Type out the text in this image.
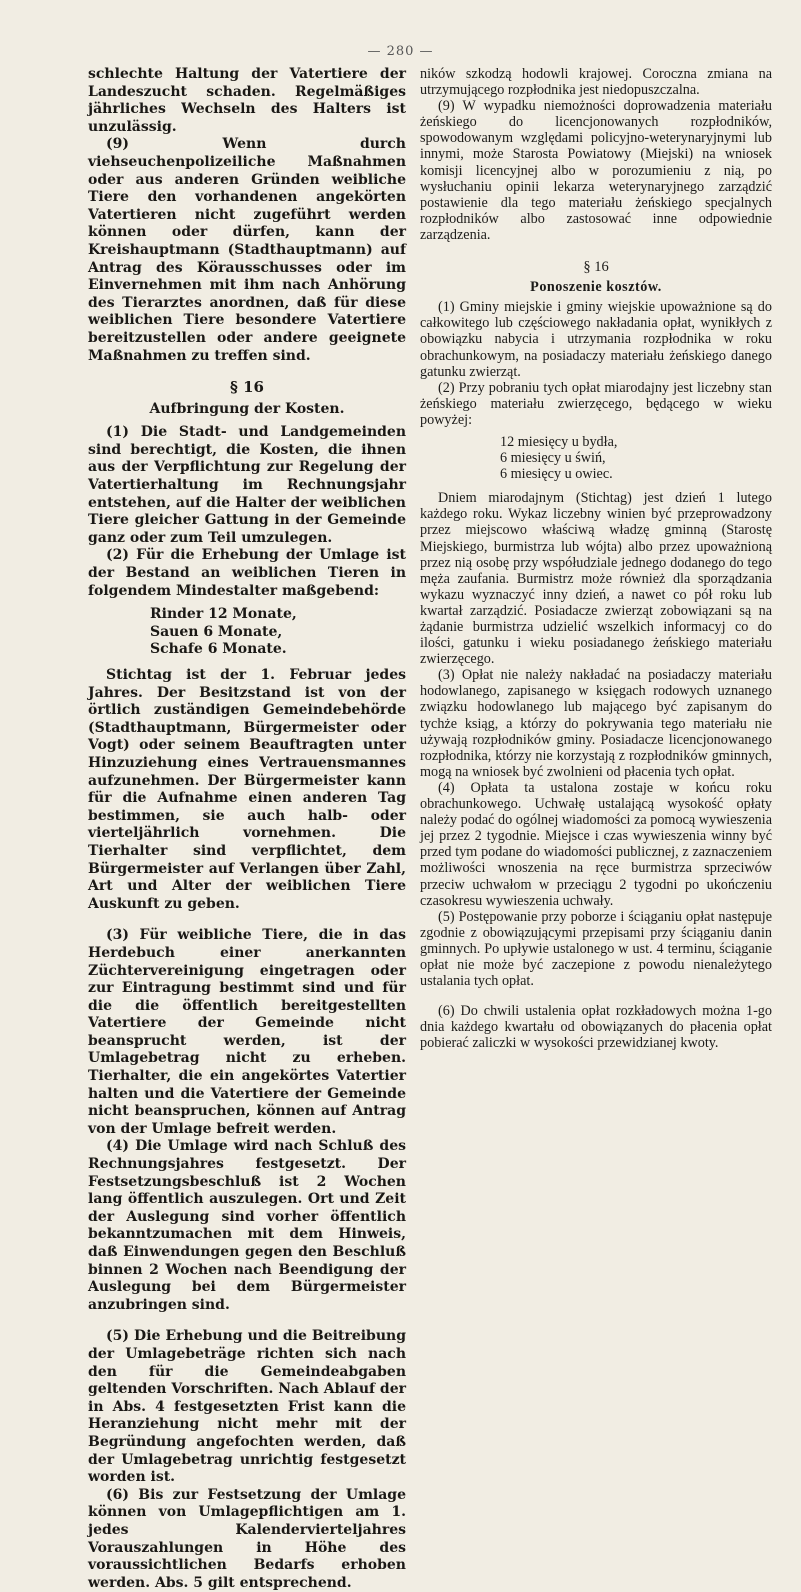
— 280 —

schlechte Haltung der Vatertiere der Landeszucht schaden. Regelmäßiges jährliches Wechseln des Halters ist unzulässig.

(9) Wenn durch viehseuchenpolizeiliche Maßnahmen oder aus anderen Gründen weibliche Tiere den vorhandenen angekörten Vatertieren nicht zugeführt werden können oder dürfen, kann der Kreishauptmann (Stadthauptmann) auf Antrag des Körausschusses oder im Einvernehmen mit ihm nach Anhörung des Tierarztes anordnen, daß für diese weiblichen Tiere besondere Vatertiere bereitzustellen oder andere geeignete Maßnahmen zu treffen sind.

§ 16
Aufbringung der Kosten.

(1) Die Stadt- und Landgemeinden sind berechtigt, die Kosten, die ihnen aus der Verpflichtung zur Regelung der Vatertierhaltung im Rechnungsjahr entstehen, auf die Halter der weiblichen Tiere gleicher Gattung in der Gemeinde ganz oder zum Teil umzulegen.

(2) Für die Erhebung der Umlage ist der Bestand an weiblichen Tieren in folgendem Mindestalter maßgebend:

Rinder 12 Monate,
Sauen 6 Monate,
Schafe 6 Monate.

Stichtag ist der 1. Februar jedes Jahres. Der Besitzstand ist von der örtlich zuständigen Gemeindebehörde (Stadthauptmann, Bürgermeister oder Vogt) oder seinem Beauftragten unter Hinzuziehung eines Vertrauensmannes aufzunehmen. Der Bürgermeister kann für die Aufnahme einen anderen Tag bestimmen, sie auch halb- oder vierteljährlich vornehmen. Die Tierhalter sind verpflichtet, dem Bürgermeister auf Verlangen über Zahl, Art und Alter der weiblichen Tiere Auskunft zu geben.

(3) Für weibliche Tiere, die in das Herdebuch einer anerkannten Züchtervereinigung eingetragen oder zur Eintragung bestimmt sind und für die die öffentlich bereitgestellten Vatertiere der Gemeinde nicht beansprucht werden, ist der Umlagebetrag nicht zu erheben. Tierhalter, die ein angekörtes Vatertier halten und die Vatertiere der Gemeinde nicht beanspruchen, können auf Antrag von der Umlage befreit werden.

(4) Die Umlage wird nach Schluß des Rechnungsjahres festgesetzt. Der Festsetzungsbeschluß ist 2 Wochen lang öffentlich auszulegen. Ort und Zeit der Auslegung sind vorher öffentlich bekanntzumachen mit dem Hinweis, daß Einwendungen gegen den Beschluß binnen 2 Wochen nach Beendigung der Auslegung bei dem Bürgermeister anzubringen sind.

(5) Die Erhebung und die Beitreibung der Umlagebeträge richten sich nach den für die Gemeindeabgaben geltenden Vorschriften. Nach Ablauf der in Abs. 4 festgesetzten Frist kann die Heranziehung nicht mehr mit der Begründung angefochten werden, daß der Umlagebetrag unrichtig festgesetzt worden ist.

(6) Bis zur Festsetzung der Umlage können von Umlagepflichtigen am 1. jedes Kalendervierteljahres Vorauszahlungen in Höhe des voraussichtlichen Bedarfs erhoben werden. Abs. 5 gilt entsprechend.

ników szkodzą hodowli krajowej. Coroczna zmiana na utrzymującego rozpłodnika jest niedopuszczalna.

(9) W wypadku niemożności doprowadzenia materiału żeńskiego do licencjonowanych rozpłodników, spowodowanym względami policyjno-weterynaryjnymi lub innymi, może Starosta Powiatowy (Miejski) na wniosek komisji licencyjnej albo w porozumieniu z nią, po wysłuchaniu opinii lekarza weterynaryjnego zarządzić postawienie dla tego materiału żeńskiego specjalnych rozpłodników albo zastosować inne odpowiednie zarządzenia.

§ 16
Ponoszenie kosztów.

(1) Gminy miejskie i gminy wiejskie upoważnione są do całkowitego lub częściowego nakładania opłat, wynikłych z obowiązku nabycia i utrzymania rozpłodnika w roku obrachunkowym, na posiadaczy materiału żeńskiego danego gatunku zwierząt.

(2) Przy pobraniu tych opłat miarodajny jest liczebny stan żeńskiego materiału zwierzęcego, będącego w wieku powyżej:

12 miesięcy u bydła,
6 miesięcy u świń,
6 miesięcy u owiec.

Dniem miarodajnym (Stichtag) jest dzień 1 lutego każdego roku. Wykaz liczebny winien być przeprowadzony przez miejscowo właściwą władzę gminną (Starostę Miejskiego, burmistrza lub wójta) albo przez upoważnioną przez nią osobę przy współudziale jednego dodanego do tego męża zaufania. Burmistrz może również dla sporządzania wykazu wyznaczyć inny dzień, a nawet co pół roku lub kwartał zarządzić. Posiadacze zwierząt zobowiązani są na żądanie burmistrza udzielić wszelkich informacyj co do ilości, gatunku i wieku posiadanego żeńskiego materiału zwierzęcego.

(3) Opłat nie należy nakładać na posiadaczy materiału hodowlanego, zapisanego w księgach rodowych uznanego związku hodowlanego lub mającego być zapisanym do tychże ksiąg, a którzy do pokrywania tego materiału nie używają rozpłodników gminy. Posiadacze licencjonowanego rozpłodnika, którzy nie korzystają z rozpłodników gminnych, mogą na wniosek być zwolnieni od płacenia tych opłat.

(4) Opłata ta ustalona zostaje w końcu roku obrachunkowego. Uchwałę ustalającą wysokość opłaty należy podać do ogólnej wiadomości za pomocą wywieszenia jej przez 2 tygodnie. Miejsce i czas wywieszenia winny być przed tym podane do wiadomości publicznej, z zaznaczeniem możliwości wnoszenia na ręce burmistrza sprzeciwów przeciw uchwałom w przeciągu 2 tygodni po ukończeniu czasokresu wywieszenia uchwały.

(5) Postępowanie przy poborze i ściąganiu opłat następuje zgodnie z obowiązującymi przepisami przy ściąganiu danin gminnych. Po upływie ustalonego w ust. 4 terminu, ściąganie opłat nie może być zaczepione z powodu nienależytego ustalania tych opłat.

(6) Do chwili ustalenia opłat rozkładowych można 1-go dnia każdego kwartału od obowiązanych do płacenia opłat pobierać zaliczki w wysokości przewidzianej kwoty.
